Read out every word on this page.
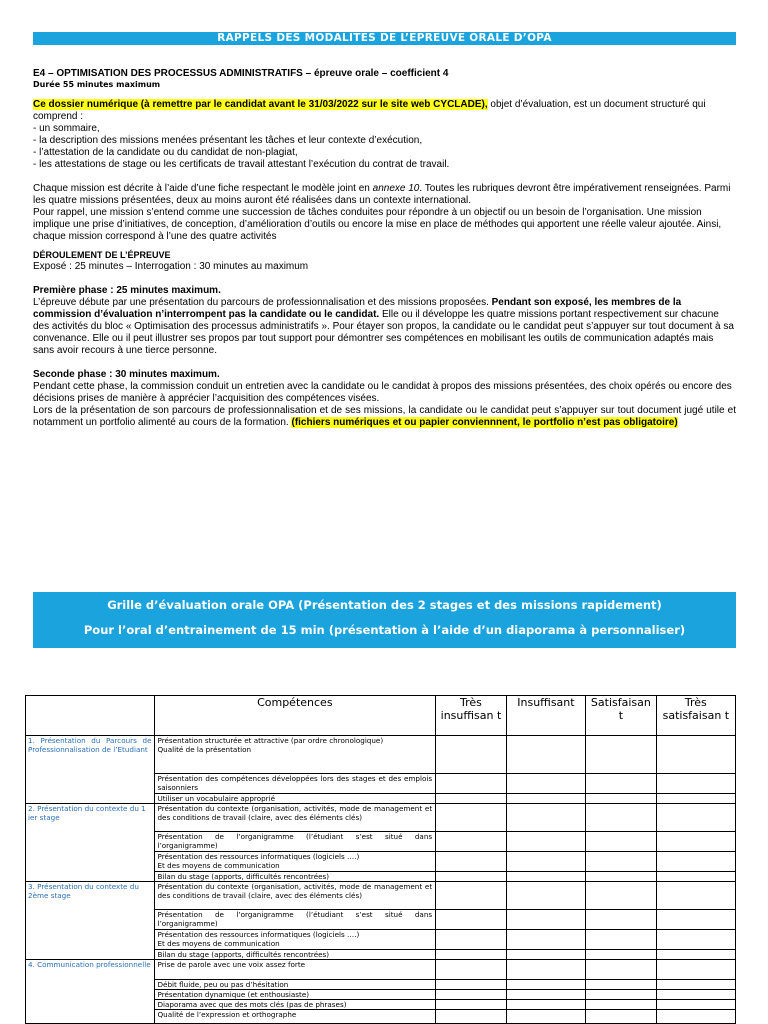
RAPPELS DES MODALITES DE L’EPREUVE ORALE D’OPA

E4 – OPTIMISATION DES PROCESSUS ADMINISTRATIFS – épreuve orale – coefficient 4

Durée 55 minutes maximum

Ce dossier numérique (à remettre par le candidat avant le 31/03/2022 sur le site web CYCLADE), objet d’évaluation, est un document structuré qui comprend :

- un sommaire,

- la description des missions menées présentant les tâches et leur contexte d’exécution,

- l’attestation de la candidate ou du candidat de non-plagiat,

- les attestations de stage ou les certificats de travail attestant l’exécution du contrat de travail.

Chaque mission est décrite à l’aide d’une fiche respectant le modèle joint en annexe 10. Toutes les rubriques devront être impérativement renseignées. Parmi les quatre missions présentées, deux au moins auront été réalisées dans un contexte international.

Pour rappel, une mission s’entend comme une succession de tâches conduites pour répondre à un objectif ou un besoin de l’organisation. Une mission implique une prise d’initiatives, de conception, d’amélioration d’outils ou encore la mise en place de méthodes qui apportent une réelle valeur ajoutée. Ainsi, chaque mission correspond à l’une des quatre activités

DÉROULEMENT DE L’ÉPREUVE

Exposé : 25 minutes – Interrogation : 30 minutes au maximum

Première phase : 25 minutes maximum.

L’épreuve débute par une présentation du parcours de professionnalisation et des missions proposées. Pendant son exposé, les membres de la commission d’évaluation n’interrompent pas la candidate ou le candidat. Elle ou il développe les quatre missions portant respectivement sur chacune des activités du bloc « Optimisation des processus administratifs ». Pour étayer son propos, la candidate ou le candidat peut s’appuyer sur tout document à sa convenance. Elle ou il peut illustrer ses propos par tout support pour démontrer ses compétences en mobilisant les outils de communication adaptés mais sans avoir recours à une tierce personne.

Seconde phase : 30 minutes maximum.

Pendant cette phase, la commission conduit un entretien avec la candidate ou le candidat à propos des missions présentées, des choix opérés ou encore des décisions prises de manière à apprécier l’acquisition des compétences visées.

Lors de la présentation de son parcours de professionnalisation et de ses missions, la candidate ou le candidat peut s’appuyer sur tout document jugé utile et notamment un portfolio alimenté au cours de la formation. (fichiers numériques et ou papier conviennnent, le portfolio n’est pas obligatoire)

Grille d’évaluation orale OPA (Présentation des 2 stages et des missions rapidement)
Pour l’oral d’entrainement de 15 min (présentation à l’aide d’un diaporama à personnaliser)
	Compétences	Très insuffisan t	Insuffisant	Satisfaisan t	Très satisfaisan t
1. Présentation du Parcours de Professionnalisation de l’Etudiant	Présentation structurée et attractive (par ordre chronologique)
Qualité de la présentation				

	Présentation des compétences développées lors des stages et des emplois saisonniers				

	Utiliser un vocabulaire approprié				

2. Présentation du contexte du 1 ier stage	Présentation du contexte (organisation, activités, mode de management et des conditions de travail (claire, avec des éléments clés)				

	Présentation de l’organigramme (l’étudiant s’est situé dans l’organigramme)				

	Présentation des ressources informatiques (logiciels ….)
Et des moyens de communication				

	Bilan du stage (apports, difficultés rencontrées)				

3. Présentation du contexte du 2ème stage	Présentation du contexte (organisation, activités, mode de management et des conditions de travail (claire, avec des éléments clés)				

	Présentation de l’organigramme (l’étudiant s’est situé dans l’organigramme)				

	Présentation des ressources informatiques (logiciels ….)
Et des moyens de communication				

	Bilan du stage (apports, difficultés rencontrées)				

4. Communication professionnelle	Prise de parole avec une voix assez forte				

	Débit fluide, peu ou pas d’hésitation				

	Présentation dynamique (et enthousiaste)				

	Diaporama avec que des mots clés (pas de phrases)				

	Qualité de l’expression et orthographe				
